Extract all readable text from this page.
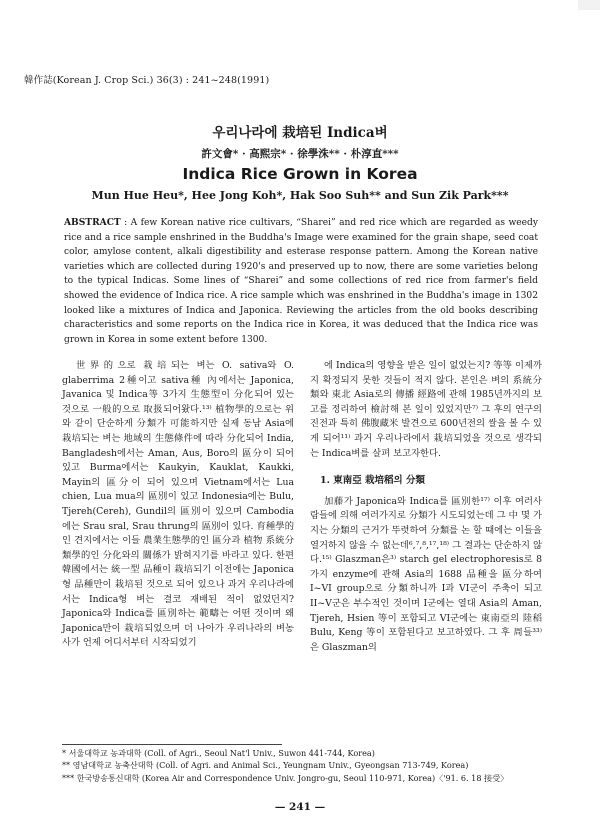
韓作誌(Korean J. Crop Sci.) 36(3) : 241~248(1991)
우리나라에 栽培된 Indica벼
許文會* · 高熙宗* · 徐學洙** · 朴淳直***
Indica Rice Grown in Korea
Mun Hue Heu*, Hee Jong Koh*, Hak Soo Suh** and Sun Zik Park***

ABSTRACT : A few Korean native rice cultivars, “Sharei” and red rice which are regarded as weedy rice and a rice sample enshrined in the Buddha's Image were examined for the grain shape, seed coat color, amylose content, alkali digestibility and esterase response pattern. Among the Korean native varieties which are collected during 1920's and preserved up to now, there are some varieties belong to the typical Indicas. Some lines of “Sharei” and some collections of red rice from farmer's field showed the evidence of Indica rice. A rice sample which was enshrined in the Buddha's image in 1302 looked like a mixtures of Indica and Japonica. Reviewing the articles from the old books describing characteristics and some reports on the Indica rice in Korea, it was deduced that the Indica rice was grown in Korea in some extent before 1300.

世界的으로 栽培되는 벼는 O. sativa와 O. glaberrima 2種이고 sativa種 內에서는 Japonica, Javanica 및 Indica等 3가지 生態型이 分化되어 있는 것으로 一般的으로 取扱되어왔다.¹³⁾ 植物學的으로는 위와 같이 단순하게 分類가 可能하지만 실제 동남 Asia에 栽培되는 벼는 地域의 生態條件에 따라 分化되어 India, Bangladesh에서는 Aman, Aus, Boro의 區分이 되어 있고 Burma에서는 Kaukyin, Kauklat, Kaukki, Mayin의 區分이 되어 있으며 Vietnam에서는 Lua chien, Lua mua의 區別이 있고 Indonesia에는 Bulu, Tjereh(Cereh), Gundil의 區別이 있으며 Cambodia에는 Srau sral, Srau thrung의 區別이 있다. 育種學的인 견지에서는 이들 農業生態學的인 區分과 植物 系統分類學的인 分化와의 關係가 밝혀지기를 바라고 있다. 한편 韓國에서는 統一型 品種이 栽培되기 이전에는 Japonica형 品種만이 栽培된 것으로 되어 있으나 과거 우리나라에서는 Indica형 벼는 결코 재배된 적이 없었던지? Japonica와 Indica를 區別하는 範疇는 어떤 것이며 왜 Japonica만이 栽培되었으며 더 나아가 우리나라의 벼농사가 언제 어디서부터 시작되었기

에 Indica의 영향을 받은 일이 없었는지? 等等 이제까지 확정되지 못한 것들이 적지 않다. 본인은 벼의 系統分類와 東北 Asia로의 傳播 經路에 관해 1985년까지의 보고를 정리하여 檢討해 본 일이 있었지만⁷⁾ 그 후의 연구의 진전과 특히 佛腹藏米 발견으로 600년전의 쌀을 볼 수 있게 되어¹¹⁾ 과거 우리나라에서 栽培되었을 것으로 생각되는 Indica벼를 살펴 보고자한다.

1. 東南亞 栽培稻의 分類

加藤가 Japonica와 Indica를 區別한¹⁷⁾ 이후 여러사람들에 의해 여러가지로 分類가 시도되었는데 그 中 몇 가지는 分類의 근거가 뚜렷하여 分類를 논 할 때에는 이들을 열거하지 않을 수 없는데⁶,⁷,⁸,¹⁷,¹⁸⁾ 그 결과는 단순하지 않다.¹⁵⁾ Glaszman은³⁾ starch gel electrophoresis로 8가지 enzyme에 관해 Asia의 1688 品種을 區分하여 I~VI group으로 分類하니까 I과 VI군이 주축이 되고 II~V군은 부수적인 것이며 I군에는 열대 Asia의 Aman, Tjereh, Hsien 等이 포함되고 VI군에는 東南亞의 陸稻 Bulu, Keng 等이 포함된다고 보고하였다. 그 후 周들³³⁾은 Glaszman의

* 서울대학교 농과대학 (Coll. of Agri., Seoul Nat'l Univ., Suwon 441-744, Korea)
** 영남대학교 농축산대학 (Coll. of Agri. and Animal Sci., Yeungnam Univ., Gyeongsan 713-749, Korea)
*** 한국방송통신대학 (Korea Air and Correspondence Univ. Jongro-gu, Seoul 110-971, Korea)〈'91. 6. 18 接受〉
— 241 —
